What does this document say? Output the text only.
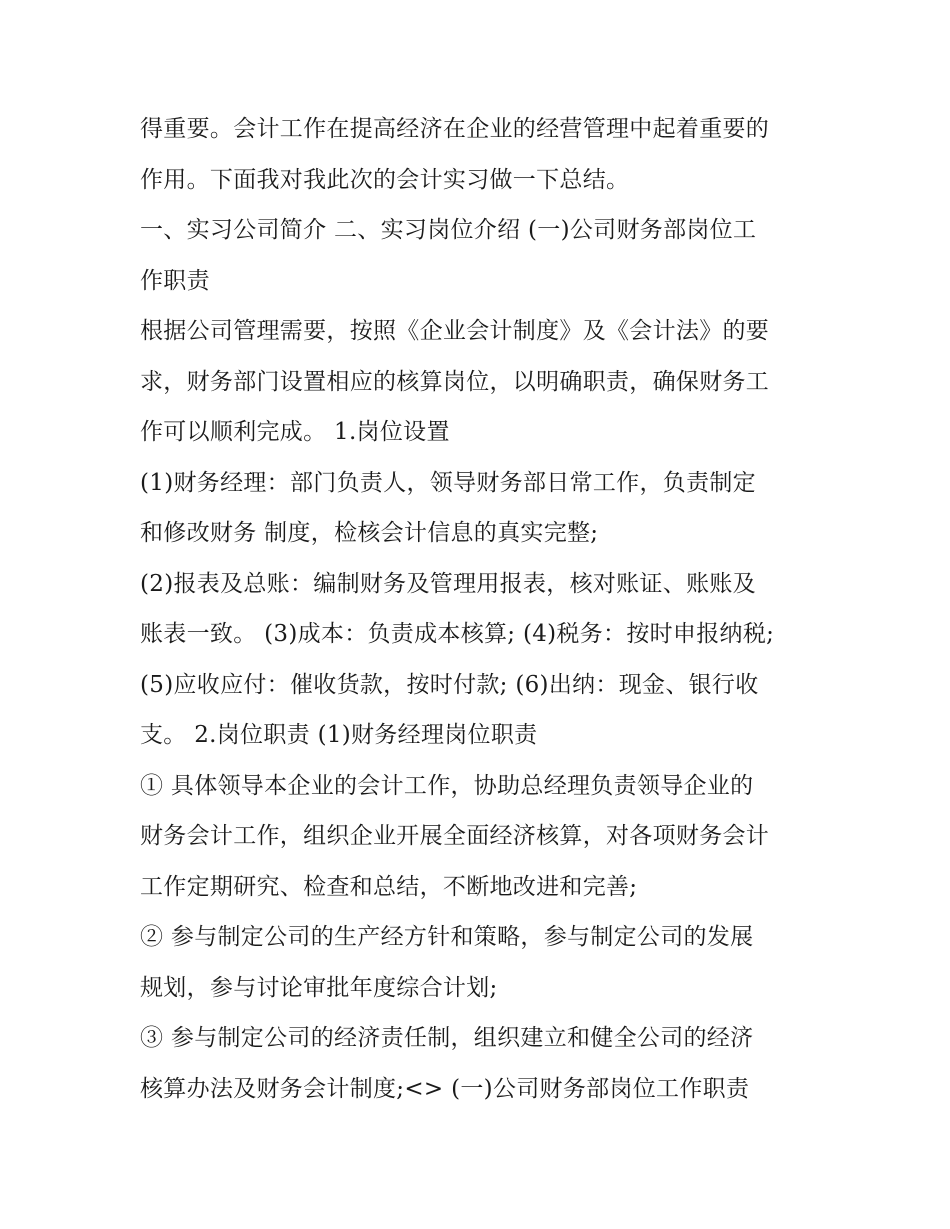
得重要。会计工作在提高经济在企业的经营管理中起着重要的
作用。下面我对我此次的会计实习做一下总结。
一、实习公司简介 二、实习岗位介绍 (一)公司财务部岗位工
作职责
根据公司管理需要，按照《企业会计制度》及《会计法》的要
求，财务部门设置相应的核算岗位，以明确职责，确保财务工
作可以顺利完成。 1.岗位设置
(1)财务经理：部门负责人，领导财务部日常工作，负责制定
和修改财务 制度，检核会计信息的真实完整;
(2)报表及总账：编制财务及管理用报表，核对账证、账账及
账表一致。 (3)成本：负责成本核算; (4)税务：按时申报纳税;
(5)应收应付：催收货款，按时付款; (6)出纳：现金、银行收
支。 2.岗位职责 (1)财务经理岗位职责
① 具体领导本企业的会计工作，协助总经理负责领导企业的
财务会计工作，组织企业开展全面经济核算，对各项财务会计
工作定期研究、检查和总结，不断地改进和完善;
② 参与制定公司的生产经方针和策略，参与制定公司的发展
规划，参与讨论审批年度综合计划;
③ 参与制定公司的经济责任制，组织建立和健全公司的经济
核算办法及财务会计制度;<> (一)公司财务部岗位工作职责
